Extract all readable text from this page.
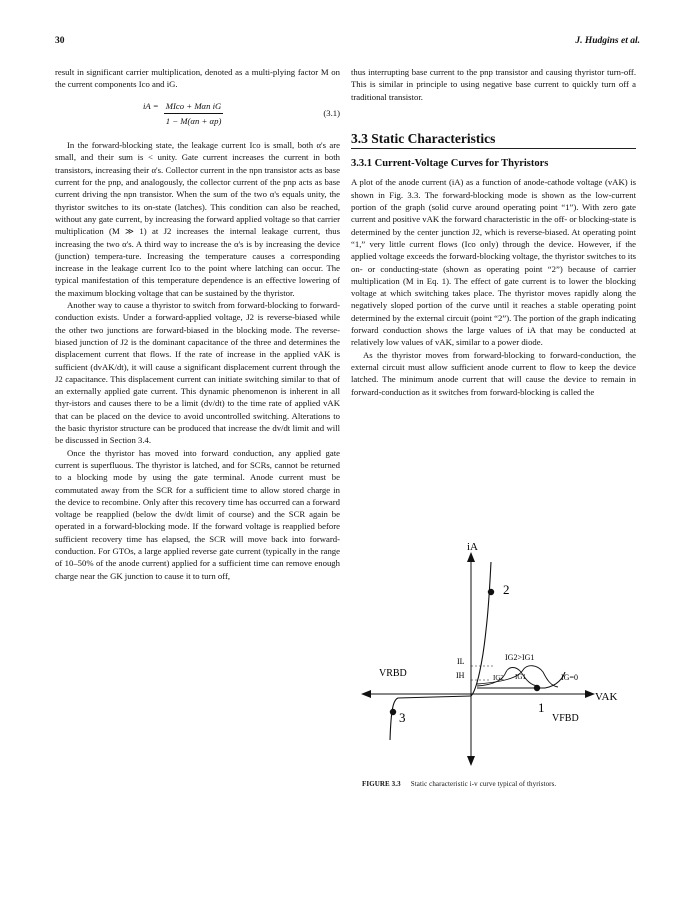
30	J. Hudgins et al.

result in significant carrier multiplication, denoted as a multi-plying factor M on the current components Ico and iG.

iA = $\frac{\text{MIco + Mαn iG}}{1 - M(\alpha n + \alpha p)}$	(3.1)

In the forward-blocking state, the leakage current Ico is small, both α's are small, and their sum is < unity. Gate current increases the current in both transistors, increasing their α's. Collector current in the npn transistor acts as base current for the pnp, and analogously, the collector current of the pnp acts as base current driving the npn transistor. When the sum of the two α's equals unity, the thyristor switches to its on-state (latches). This condition can also be reached, without any gate current, by increasing the forward applied voltage so that carrier multiplication (M ≫ 1) at J2 increases the internal leakage current, thus increasing the two α's. A third way to increase the α's is by increasing the device (junction) tempera-ture. Increasing the temperature causes a corresponding increase in the leakage current Ico to the point where latching can occur. The typical manifestation of this temperature dependence is an effective lowering of the maximum blocking voltage that can be sustained by the thyristor.

Another way to cause a thyristor to switch from forward-blocking to forward-conduction exists. Under a forward-applied voltage, J2 is reverse-biased while the other two junctions are forward-biased in the blocking mode. The reverse-biased junction of J2 is the dominant capacitance of the three and determines the displacement current that flows. If the rate of increase in the applied vAK is sufficient (dvAK/dt), it will cause a significant displacement current through the J2 capacitance. This displacement current can initiate switching similar to that of an externally applied gate current. This dynamic phenomenon is inherent in all thyr-istors and causes there to be a limit (dv/dt) to the time rate of applied vAK that can be placed on the device to avoid uncontrolled switching. Alterations to the basic thyristor structure can be produced that increase the dv/dt limit and will be discussed in Section 3.4.

Once the thyristor has moved into forward conduction, any applied gate current is superfluous. The thyristor is latched, and for SCRs, cannot be returned to a blocking mode by using the gate terminal. Anode current must be commutated away from the SCR for a sufficient time to allow stored charge in the device to recombine. Only after this recovery time has occurred can a forward voltage be reapplied (below the dv/dt limit of course) and the SCR again be operated in a forward-blocking mode. If the forward voltage is reapplied before sufficient recovery time has elapsed, the SCR will move back into forward-conduction. For GTOs, a large applied reverse gate current (typically in the range of 10–50% of the anode current) applied for a sufficient time can remove enough charge near the GK junction to cause it to turn off,

thus interrupting base current to the pnp transistor and causing thyristor turn-off. This is similar in principle to using negative base current to quickly turn off a traditional transistor.

3.3 Static Characteristics
3.3.1 Current-Voltage Curves for Thyristors

A plot of the anode current (iA) as a function of anode-cathode voltage (vAK) is shown in Fig. 3.3. The forward-blocking mode is shown as the low-current portion of the graph (solid curve around operating point “1”). With zero gate current and positive vAK the forward characteristic in the off- or blocking-state is determined by the center junction J2, which is reverse-biased. At operating point “1,” very little current flows (Ico only) through the device. However, if the applied voltage exceeds the forward-blocking voltage, the thyristor switches to its on- or conducting-state (shown as operating point “2”) because of carrier multiplication (M in Eq. 1). The effect of gate current is to lower the blocking voltage at which switching takes place. The thyristor moves rapidly along the negatively sloped portion of the curve until it reaches a stable operating point determined by the external circuit (point “2”). The portion of the graph indicating forward conduction shows the large values of iA that may be conducted at relatively low values of vAK, similar to a power diode.

As the thyristor moves from forward-blocking to forward-conduction, the external circuit must allow sufficient anode current to flow to keep the device latched. The minimum anode current that will cause the device to remain in forward-conduction as it switches from forward-blocking is called the

iA
VAK
1
2
3
VRBD
VFBD
IL
IH
IG2>IG1
IG2 IG1	IG=0
FIGURE 3.3 Static characteristic i-v curve typical of thyristors.
